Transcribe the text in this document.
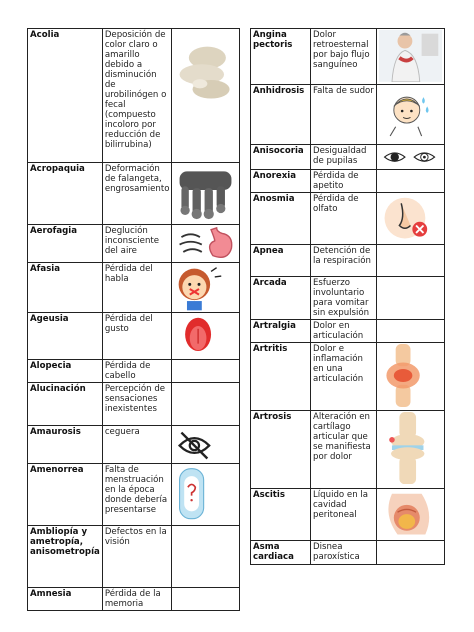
Acolia	Deposición de color claro o amarillo debido a disminución de urobilinógen o fecal (compuesto incoloro por reducción de bilirrubina)	

Acropaquia	Deformación de falangeta, engrosamiento	

Aerofagia	Deglución inconsciente del aire	

Afasia	Pérdida del habla	

Ageusia	Pérdida del gusto	

Alopecia	Pérdida de cabello	
Alucinación	Percepción de sensaciones inexistentes	
Amaurosis	ceguera	

Amenorrea	Falta de menstruación en la época donde debería presentarse	

Ambliopía y ametropía, anisometropía	Defectos en la visión	
Amnesia	Pérdida de la memoria	
Angina pectoris	Dolor retroesternal por bajo flujo sanguíneo	

Anhidrosis	Falta de sudor	

Anisocoria	Desigualdad de pupilas	

Anorexia	Pérdida de apetito	
Anosmia	Pérdida de olfato	

Apnea	Detención de la respiración	
Arcada	Esfuerzo involuntario para vomitar sin expulsión	
Artralgia	Dolor en articulación	
Artritis	Dolor e inflamación en una articulación	

Artrosis	Alteración en cartílago articular que se manifiesta por dolor	

Ascitis	Líquido en la cavidad peritoneal	

Asma cardiaca	Disnea paroxística	
